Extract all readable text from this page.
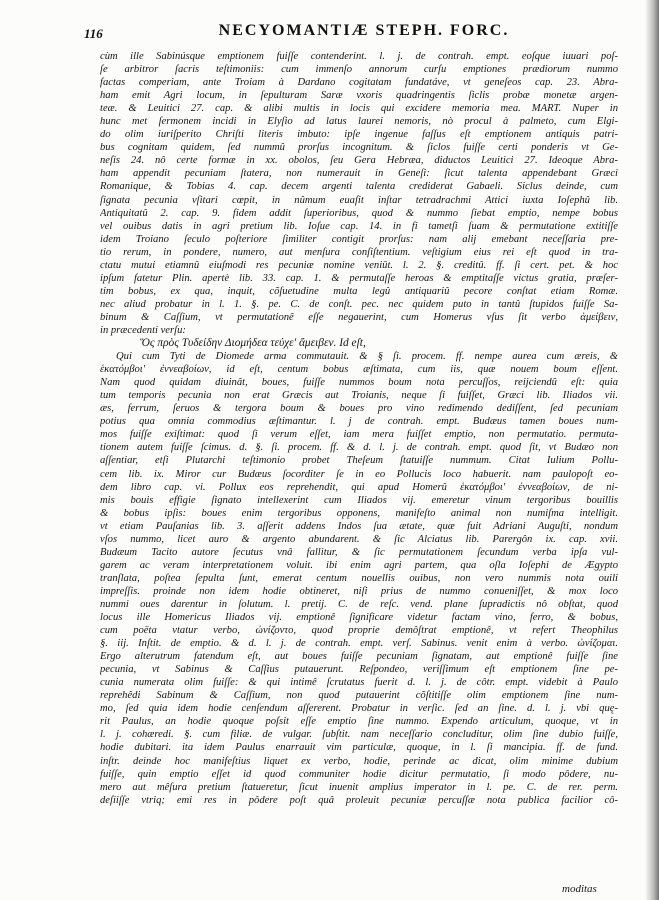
116	NECYOMANTIÆ STEPH. FORC.
cùm ille Sabinúsque emptionem fuiſſe contenderint. l. j. de contrah. empt. eoſque iuuari poſ-
ſe arbitror ſacris teſtimoniis: cum immenſo annorum curſu emptiones prædiorum nummo
factas comperiam, ante Troiam à Dardano cogitatam fundatáve, vt geneſeos cap. 23. Abra-
ham emit Agri locum, in ſepulturam Saræ vxoris quadringentis ſiclis probæ monetæ argen-
teæ. & Leuitici 27. cap. & alibi multis in locis qui excidere memoria mea. MART. Nuper in
hunc met ſermonem incidi in Elyſio ad latus laurei nemoris, nò procul à palmeto, cum Elgi-
do olim iuriſperito Chriſti literis imbuto: ipſe ingenue faſſus eſt emptionem antiquis patri-
bus cognitam quidem, ſed nummû prorſus incognitum. & ſiclos fuiſſe certi ponderis vt Ge-
neſis 24. nô certe formæ in xx. obolos, ſeu Gera Hebræa, diductos Leuitici 27. Ideoque Abra-
ham appendit pecuniam ſtatera, non numerauit in Geneſi: ſicut talenta appendebant Græci
Romanique, & Tobias 4. cap. decem argenti talenta crediderat Gabaeli. Siclus deinde, cum
ſignata pecunia vſitari cœpit, in nûmum euaſit inſtar tetradrachmi Attici iuxta Ioſephû lib.
Antiquitatû 2. cap. 9. fidem addit ſuperioribus, quod & nummo ſiebat emptio, nempe bobus
vel ouibus datis in agri pretium lib. Ioſue cap. 14. in fi tametſi ſuam & permutatione extitiſſe
idem Troiano ſeculo poſteriore ſimiliter contigit prorſus: nam alij emebant neceſſaria pre-
tio rerum, in pondere, numero, aut menſura conſiſtentium. veſtigium eius rei eſt quod in tra-
ctatu mutui etiamnû eiuſmodi res pecuniæ nomine veniût. l. 2. §. creditû. ff. ſi cert. pet. & hoc
ipſum fatetur Plin. apertè lib. 33. cap. 1. & permutaſſe heroas & emptitaſſe victus gratia, præſer-
tim bobus, ex qua, inquit, cõſuetudine multa legû antiquariû pecore conſtat etiam Romæ.
nec aliud probatur in l. 1. §. pe. C. de conſt. pec. nec quidem puto in tantû ſtupidos fuiſſe Sa-
binum & Caſſium, vt permutationê eſſe negauerint, cum Homerus vſus ſit verbo ἀμείβειν,
in præcedenti verſu:
Ὅς πρὸς Τυδείδην Διομήδεα τεύχε' ἄμειβεν. Id eſt,
Qui cum Tyti de Diomede arma commutauit. & § ſi. procem. ff. nempe aurea cum æreis, &
ἑκατόμβοι' ἐννεαβοίων, id eſt, centum bobus æſtimata, cum iis, quæ nouem boum eſſent.
Nam quod quidam diuinât, boues, fuiſſe nummos boum nota percuſſos, reijciendû eſt: quia
tum temporis pecunia non erat Græcis aut Troianis, neque ſi fuiſſet, Græci lib. Iliados vii.
æs, ferrum, ſeruos & tergora boum & boues pro vino redimendo dediſſent, ſed pecuniam
potius qua omnia commodius æſtimantur. l. j de contrah. empt. Budæus tamen boues num-
mos fuiſſe exiſtimat: quod ſi verum eſſet, iam mera fuiſſet emptio, non permutatio. permuta-
tionem autem fuiſſe ſcimus. d. §. ſi. procem. ff. & d. l. j. de contrah. empt. quod ſit, vt Budæo non
aſſentiar, etſi Plutarchi teſtimonio probet Theſeum ſtatuiſſe nummum. Citat Iulium Pollu-
cem lib. ix. Miror cur Budæus ſocorditer ſe in eo Pollucis loco habuerit. nam paulopoſt eo-
dem libro cap. vi. Pollux eos reprehendit, qui apud Homerû ἑκατόμβοι' ἐννεαβοίων, de ni-
mis bouis effigie ſignato intellexerint cum Iliados vij. emeretur vinum tergoribus bouillis
& bobus ipſis: boues enim tergoribus opponens, manifeſto animal non numiſma intelligit.
vt etiam Pauſanias lib. 3. aſſerit addens Indos ſua ætate, quæ fuit Adriani Auguſti, nondum
vſos nummo, licet auro & argento abundarent. & ſic Alciatus lib. Parergôn ix. cap. xvii.
Budæum Tacito autore ſecutus vnâ fallitur, & ſic permutationem ſecundum verba ipſa vul-
garem ac veram interpretationem voluit. ibi enim agri partem, qua oſla Ioſephi de Ægypto
tranſlata, poſtea ſepulta ſunt, emerat centum nouellis ouibus, non vero nummis nota ouili
impreſſis. proinde non idem hodie obtineret, niſi prius de nummo conueniſſet, & mox loco
nummi oues darentur in ſolutum. l. pretij. C. de reſc. vend. plane ſupradictis nô obſtat, quod
locus ille Homericus Iliados vij. emptionê ſignificare videtur factam vino, ferro, & bobus,
cum poëta vtatur verbo, ὠνίζοντο, quod proprie demôſtrat emptionê, vt refert Theophilus
§. iij. Inſtit. de emptio. & d. l. j. de contrah. empt. verſ. Sabinus. venit enim à verbo. ὠνίζομαι.
Ergo alterutrum fatendum eſt, aut boues fuiſſe pecuniam ſignatam, aut emptionê fuiſſe ſine
pecunia, vt Sabinus & Caſſius putauerunt. Reſpondeo, veriſſimum eſt emptionem ſine pe-
cunia numerata olim fuiſſe: & qui intimê ſcrutatus fuerit d. l. j. de côtr. empt. videbit à Paulo
reprehêdi Sabinum & Caſſium, non quod putauerint cõſtitiſſe olim emptionem ſine num-
mo, ſed quia idem hodie cenſendum aſſererent. Probatur in verſic. ſed an ſine. d. l. j. vbi quę-
rit Paulus, an hodie quoque poſsit eſſe emptio ſine nummo. Expendo articulum, quoque, vt in
l. j. cohæredi. §. cum filiæ. de vulgar. ſubſtit. nam neceſſario concluditur, olim ſine dubio fuiſſe,
hodie dubitari. ita idem Paulus enarrauit vim particulæ, quoque, in l. ſi mancipia. ff. de fund.
inſtr. deinde hoc manifeſtius liquet ex verbo, hodie, perinde ac dicat, olim minime dubium
fuiſſe, quin emptio eſſet id quod communiter hodie dicitur permutatio, ſi modo pôdere, nu-
mero aut mêſura pretium ſtatueretur, ſicut inuenit amplius imperator in l. pe. C. de rer. perm.
deſiiſſe vtriq; emi res in pôdere poſt quâ proleuit pecuniæ percuſſæ nota publica facilior cô-
moditas
